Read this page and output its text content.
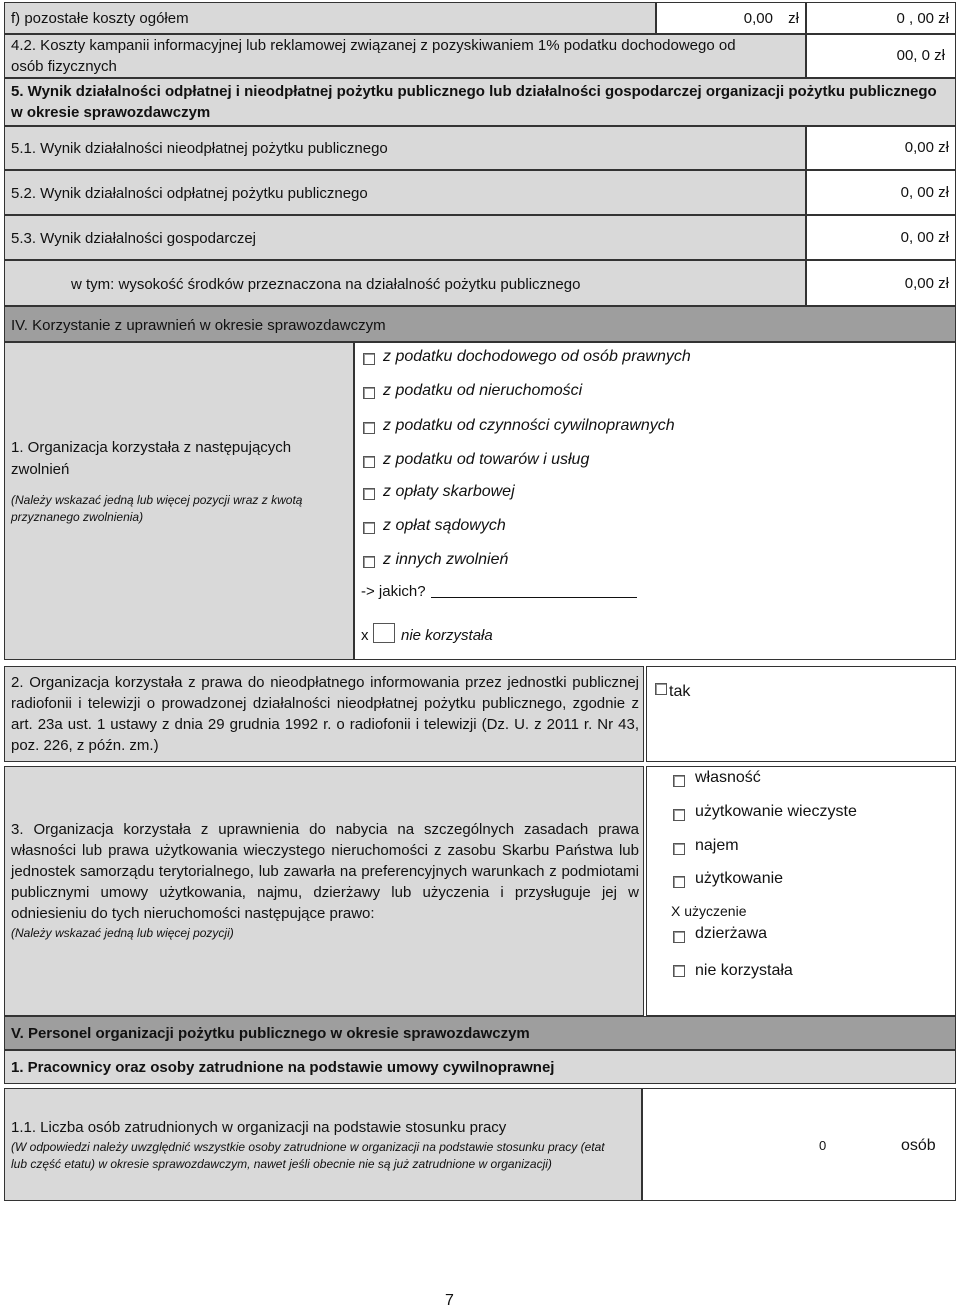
f) pozostałe koszty ogółem	0,00 zł	0 , 00 zł
4.2. Koszty kampanii informacyjnej lub reklamowej związanej z pozyskiwaniem 1% podatku dochodowego od
osób fizycznych
00, 0 zł
5. Wynik działalności odpłatnej i nieodpłatnej pożytku publicznego lub działalności gospodarczej organizacji pożytku publicznego
w okresie sprawozdawczym
5.1. Wynik działalności nieodpłatnej pożytku publicznego	0,00 zł
5.2. Wynik działalności odpłatnej pożytku publicznego	0, 00 zł
5.3. Wynik działalności gospodarczej	0, 00 zł
w tym: wysokość środków przeznaczona na działalność pożytku publicznego	0,00 zł
IV. Korzystanie z uprawnień w okresie sprawozdawczym
1. Organizacja korzystała z następujących
zwolnień
(Należy wskazać jedną lub więcej pozycji wraz z kwotą
przyznanego zwolnienia)
z podatku dochodowego od osób prawnych
z podatku od nieruchomości
z podatku od czynności cywilnoprawnych
z podatku od towarów i usług
z opłaty skarbowej
z opłat sądowych
z innych zwolnień
-> jakich?
x nie korzystała
2. Organizacja korzystała z prawa do nieodpłatnego informowania przez jednostki publicznej radiofonii i telewizji o prowadzonej działalności nieodpłatnej pożytku publicznego, zgodnie z art. 23a ust. 1 ustawy z dnia 29 grudnia 1992 r. o radiofonii i telewizji (Dz. U. z 2011 r. Nr 43, poz. 226, z późn. zm.)
tak
3. Organizacja korzystała z uprawnienia do nabycia na szczególnych zasadach prawa własności lub prawa użytkowania wieczystego nieruchomości z zasobu Skarbu Państwa lub jednostek samorządu terytorialnego, lub zawarła na preferencyjnych warunkach z podmiotami publicznymi umowy użytkowania, najmu, dzierżawy lub użyczenia i przysługuje jej w odniesieniu do tych nieruchomości następujące prawo:
(Należy wskazać jedną lub więcej pozycji)
własność
użytkowanie wieczyste
najem
użytkowanie
X użyczenie
dzierżawa
nie korzystała
V. Personel organizacji pożytku publicznego w okresie sprawozdawczym
1. Pracownicy oraz osoby zatrudnione na podstawie umowy cywilnoprawnej
1.1. Liczba osób zatrudnionych w organizacji na podstawie stosunku pracy
(W odpowiedzi należy uwzględnić wszystkie osoby zatrudnione w organizacji na podstawie stosunku pracy (etat
lub część etatu) w okresie sprawozdawczym, nawet jeśli obecnie nie są już zatrudnione w organizacji)
0	osób
7
